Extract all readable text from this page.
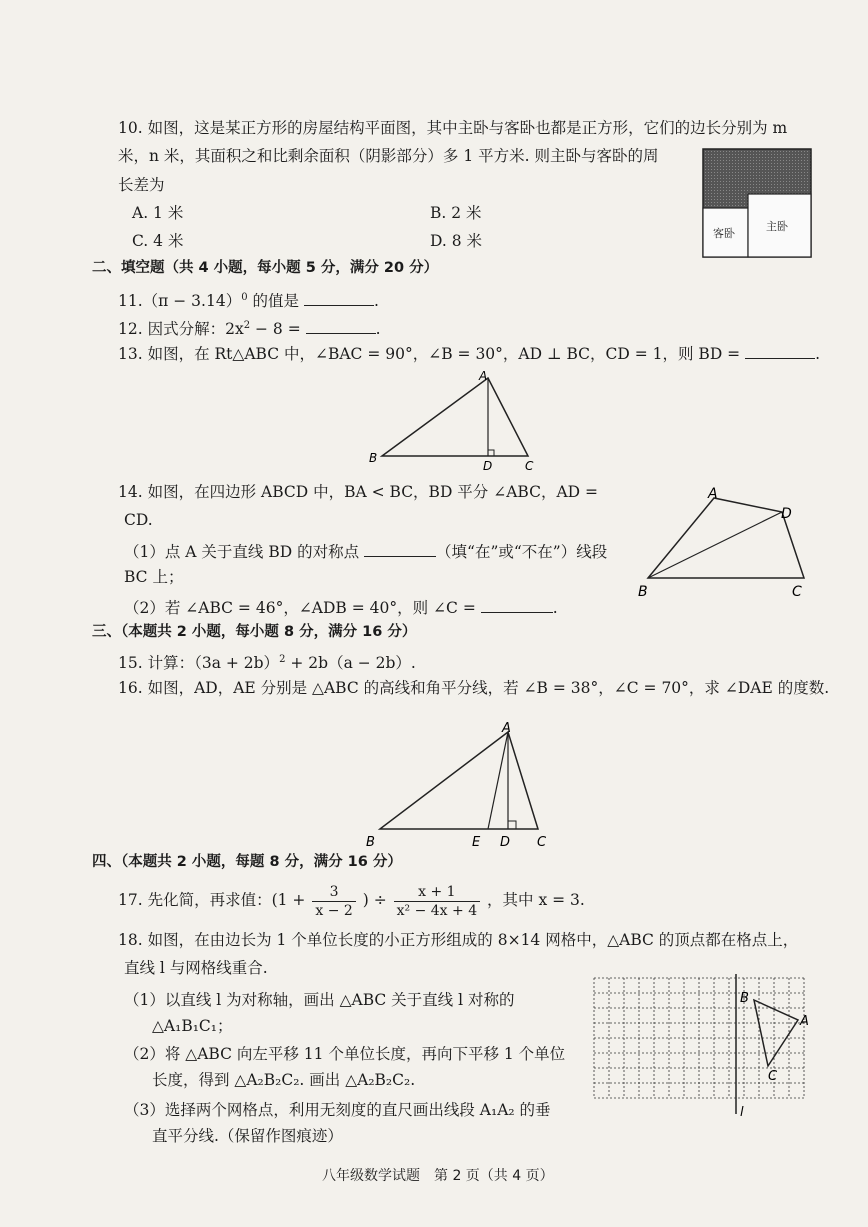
10. 如图，这是某正方形的房屋结构平面图，其中主卧与客卧也都是正方形，它们的边长分别为 m
米，n 米，其面积之和比剩余面积（阴影部分）多 1 平方米. 则主卧与客卧的周
长差为
A. 1 米	B. 2 米
C. 4 米	D. 8 米	客卧
主卧
二、填空题（共 4 小题，每小题 5 分，满分 20 分）
$11.(\pi - 3.14)^0$ 的值是	.
12. 因式分解：$2x^2 - 8$ =	.
13. 如图，在 Rt△ABC 中，∠BAC = 90°，∠B = 30°，AD ⊥ BC，CD = 1，则 BD =	.
A
B
D	C
14. 如图，在四边形 ABCD 中，BA < BC，BD 平分 ∠ABC，AD =
CD.
（1）点 A 关于直线 BD 的对称点	（填“在”或“不在”）线段
BC 上；
（2）若 ∠ABC = 46°，∠ADB = 40°，则 ∠C =	.
A
D
B	C
三、（本题共 2 小题，每小题 8 分，满分 16 分）
15. 计算：$(3a + 2b)^2 + 2b(a - 2b)$.
16. 如图，AD，AE 分别是 △ABC 的高线和角平分线，若 ∠B = 38°，∠C = 70°，求 ∠DAE 的度数.
A
B	E D C
四、（本题共 2 小题，每题 8 分，满分 16 分）
17. 先化简，再求值：($1 + \frac{3}{x - 2}$ ) ÷ $\frac{x + 1}{\text{x² − 4x + 4}}$ ，其中 x = 3.
18. 如图，在由边长为 1 个单位长度的小正方形组成的 8×14 网格中，△ABC 的顶点都在格点上，
直线 l 与网格线重合.
（1）以直线 l 为对称轴，画出 △ABC 关于直线 l 对称的
△A₁B₁C₁；
（2）将 △ABC 向左平移 11 个单位长度，再向下平移 1 个单位
长度，得到 △A₂B₂C₂. 画出 △A₂B₂C₂.
（3）选择两个网格点，利用无刻度的直尺画出线段 A₁A₂ 的垂
直平分线.（保留作图痕迹）
B
A
C
l
八年级数学试题　第 2 页（共 4 页）
